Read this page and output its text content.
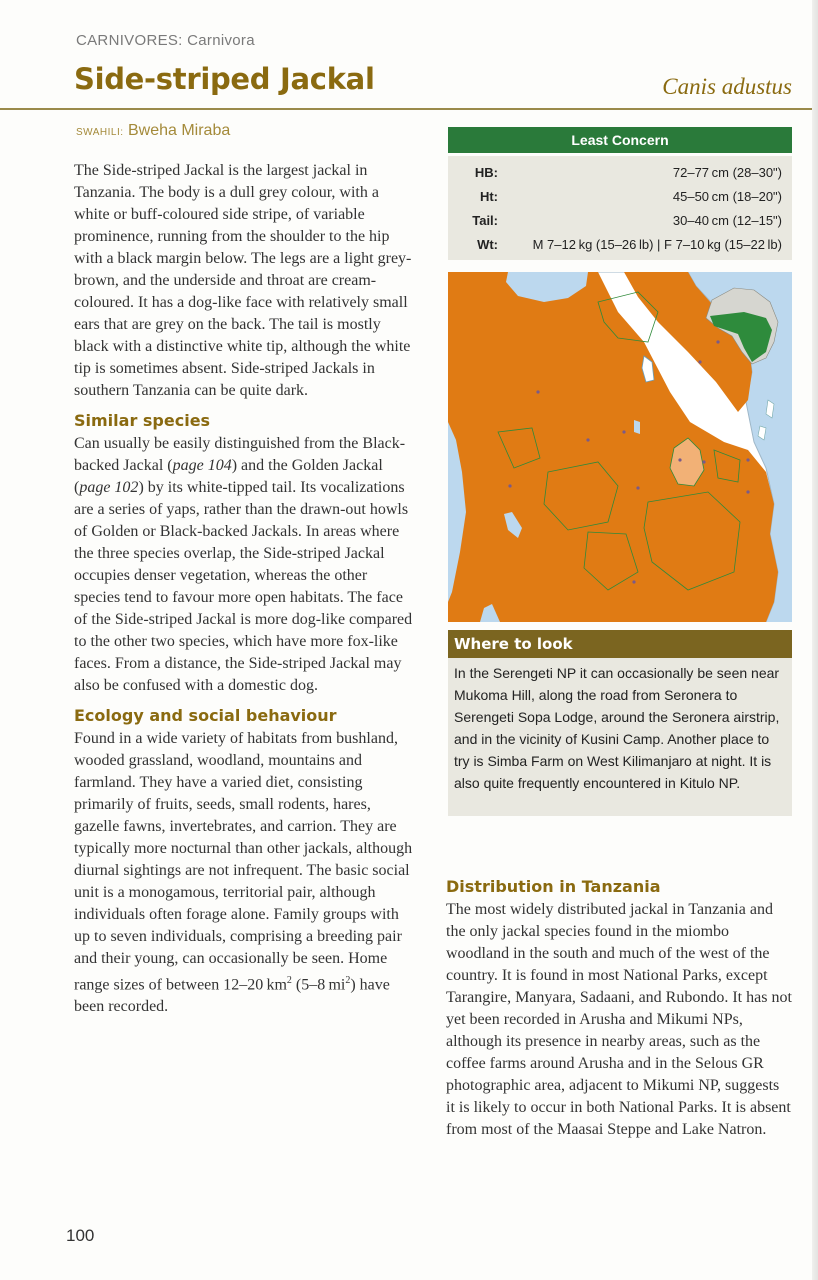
CARNIVORES: Carnivora
Side-striped Jackal	Canis adustus
SWAHILI: Bweha Miraba

The Side-striped Jackal is the largest jackal in Tanzania. The body is a dull grey colour, with a white or buff-coloured side stripe, of variable prominence, running from the shoulder to the hip with a black margin below. The legs are a light grey-brown, and the underside and throat are cream-coloured. It has a dog-like face with relatively small ears that are grey on the back. The tail is mostly black with a distinctive white tip, although the white tip is sometimes absent. Side-striped Jackals in southern Tanzania can be quite dark.

Similar species

Can usually be easily distinguished from the Black-backed Jackal (page 104) and the Golden Jackal (page 102) by its white-tipped tail. Its vocalizations are a series of yaps, rather than the drawn-out howls of Golden or Black-backed Jackals. In areas where the three species overlap, the Side-striped Jackal occupies denser vegetation, whereas the other species tend to favour more open habitats. The face of the Side-striped Jackal is more dog-like compared to the other two species, which have more fox-like faces. From a distance, the Side-striped Jackal may also be confused with a domestic dog.

Ecology and social behaviour

Found in a wide variety of habitats from bushland, wooded grassland, woodland, mountains and farmland. They have a varied diet, consisting primarily of fruits, seeds, small rodents, hares, gazelle fawns, invertebrates, and carrion. They are typically more nocturnal than other jackals, although diurnal sightings are not infrequent. The basic social unit is a monogamous, territorial pair, although individuals often forage alone. Family groups with up to seven individuals, comprising a breeding pair and their young, can occasionally be seen. Home range sizes of between 12–20 $km^2$ (5–8 $mi^2$) have been recorded.

Least Concern
HB:	72–77 cm (28–30")
Ht:	45–50 cm (18–20")
Tail:	30–40 cm (12–15")
Wt:	M 7–12 kg (15–26 lb) | F 7–10 kg (15–22 lb)
Where to look
In the Serengeti NP it can occasionally be seen near Mukoma Hill, along the road from Seronera to Serengeti Sopa Lodge, around the Seronera airstrip, and in the vicinity of Kusini Camp. Another place to try is Simba Farm on West Kilimanjaro at night. It is also quite frequently encountered in Kitulo NP.
Distribution in Tanzania

The most widely distributed jackal in Tanzania and the only jackal species found in the miombo woodland in the south and much of the west of the country. It is found in most National Parks, except Tarangire, Manyara, Sadaani, and Rubondo. It has not yet been recorded in Arusha and Mikumi NPs, although its presence in nearby areas, such as the coffee farms around Arusha and in the Selous GR photographic area, adjacent to Mikumi NP, suggests it is likely to occur in both National Parks. It is absent from most of the Maasai Steppe and Lake Natron.

100
